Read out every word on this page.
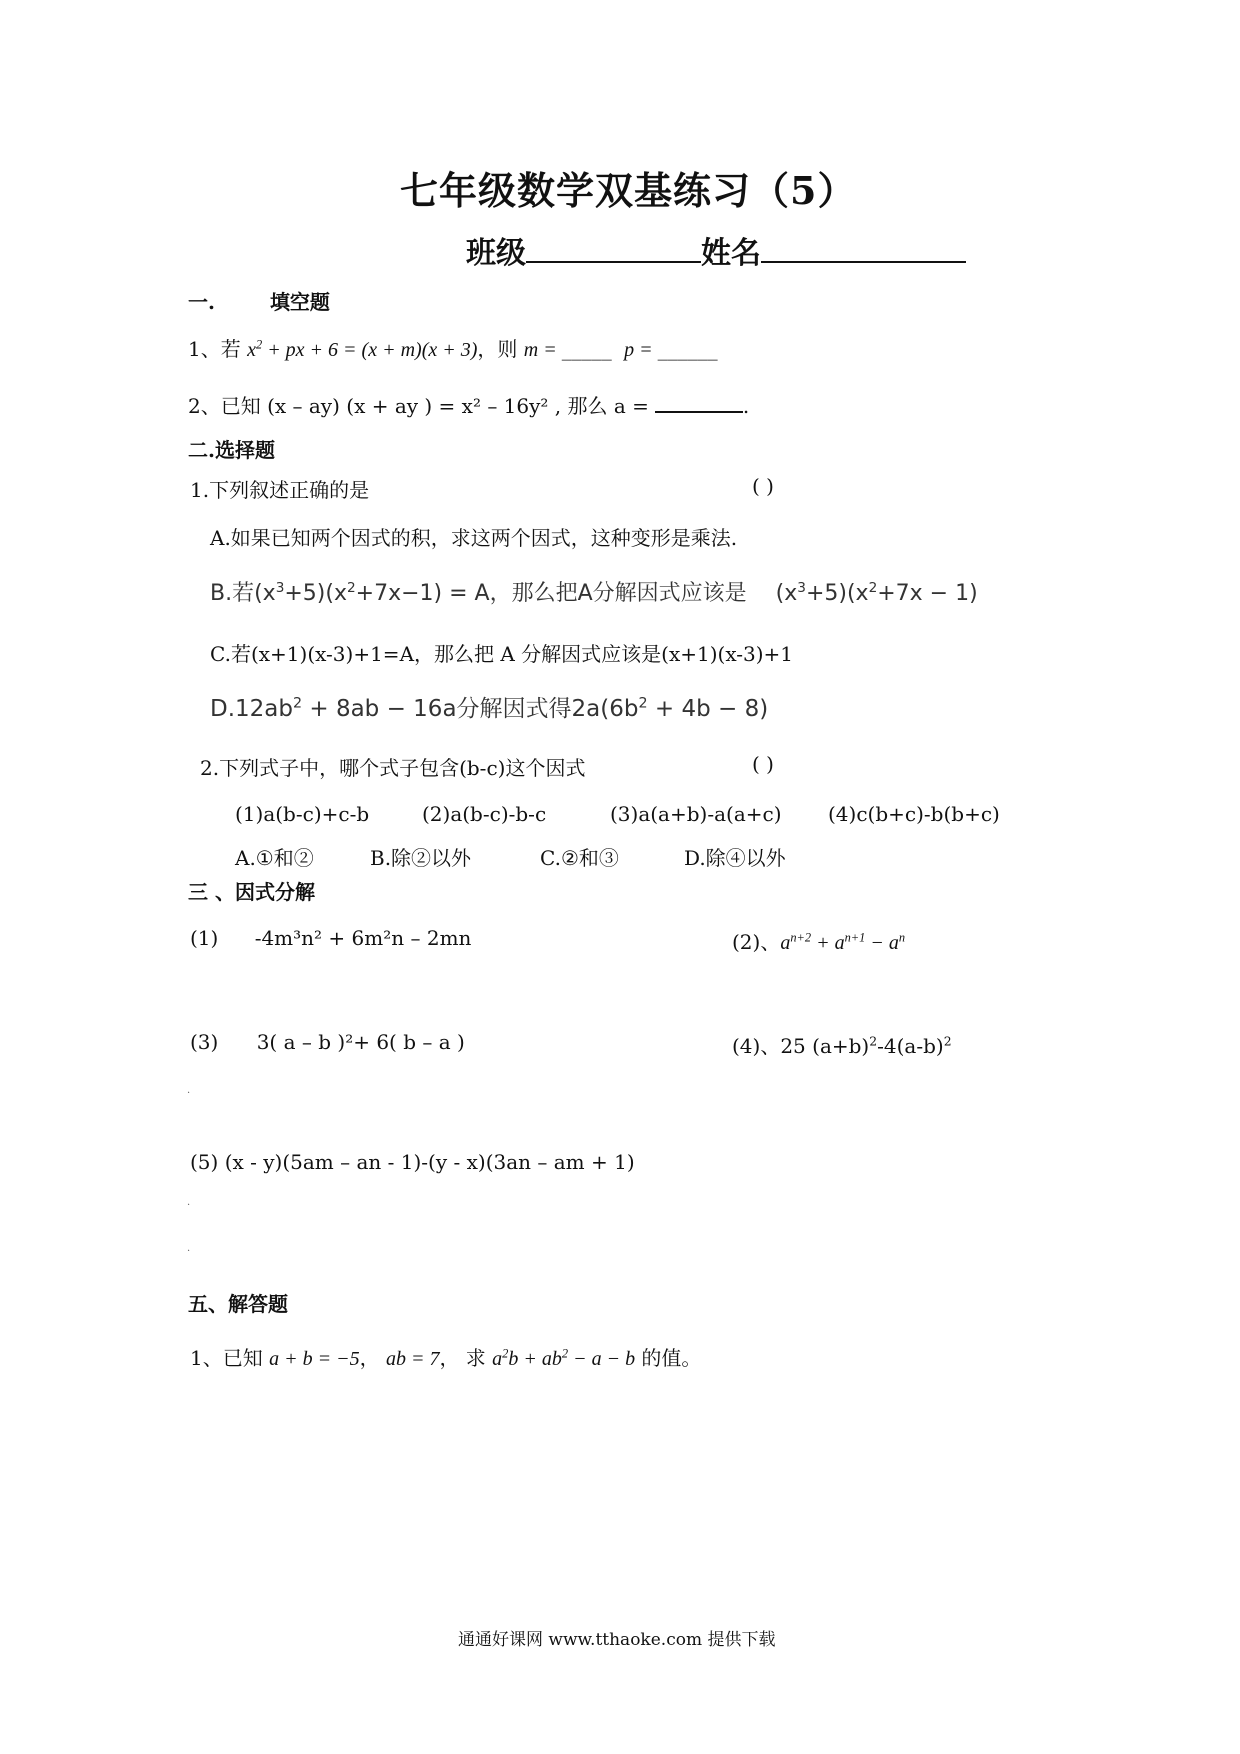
七年级数学双基练习（5）
班级	姓名
一.	填空题
1、若 $x^2$ + px + 6 = (x + m)(x + 3)，则 m = _____ p = ______
2、已知 (x – ay) (x + ay ) = x² – 16y² , 那么 a =	.
二.选择题
1.下列叙述正确的是	( )
A.如果已知两个因式的积，求这两个因式，这种变形是乘法.
B.若$(x^3+5)(x^2+7x-1) = A$，那么把A分解因式应该是 $(x^3+5)(x^2+7x - 1)$
C.若(x+1)(x-3)+1=A，那么把 A 分解因式应该是(x+1)(x-3)+1
$D.12ab^2 + 8ab - 16a$分解因式得$2a(6b^2 + 4b - 8)$
2.下列式子中，哪个式子包含(b-c)这个因式	( )
(1)a(b-c)+c-b	(2)a(b-c)-b-c	(3)a(a+b)-a(a+c) (4)c(b+c)-b(b+c)
A.①和②	B.除②以外	C.②和③	D.除④以外
三 、因式分解
(1) -4m³n² + 6m²n – 2mn	(2)、$a^{n+2} + a^{n+1} - a^n$
(3) 3( a – b )²+ 6( b – a )	(4)、25 $(a+b)^2-4(a-b)^2$
·
(5) (x - y)(5am – an - 1)-(y - x)(3an – am + 1)
·
·
五、解答题
1、已知 a + b = −5， ab = 7， 求 $a^2b + ab^2 - a - b$ 的值。
通通好课网 www.tthaoke.com 提供下载
